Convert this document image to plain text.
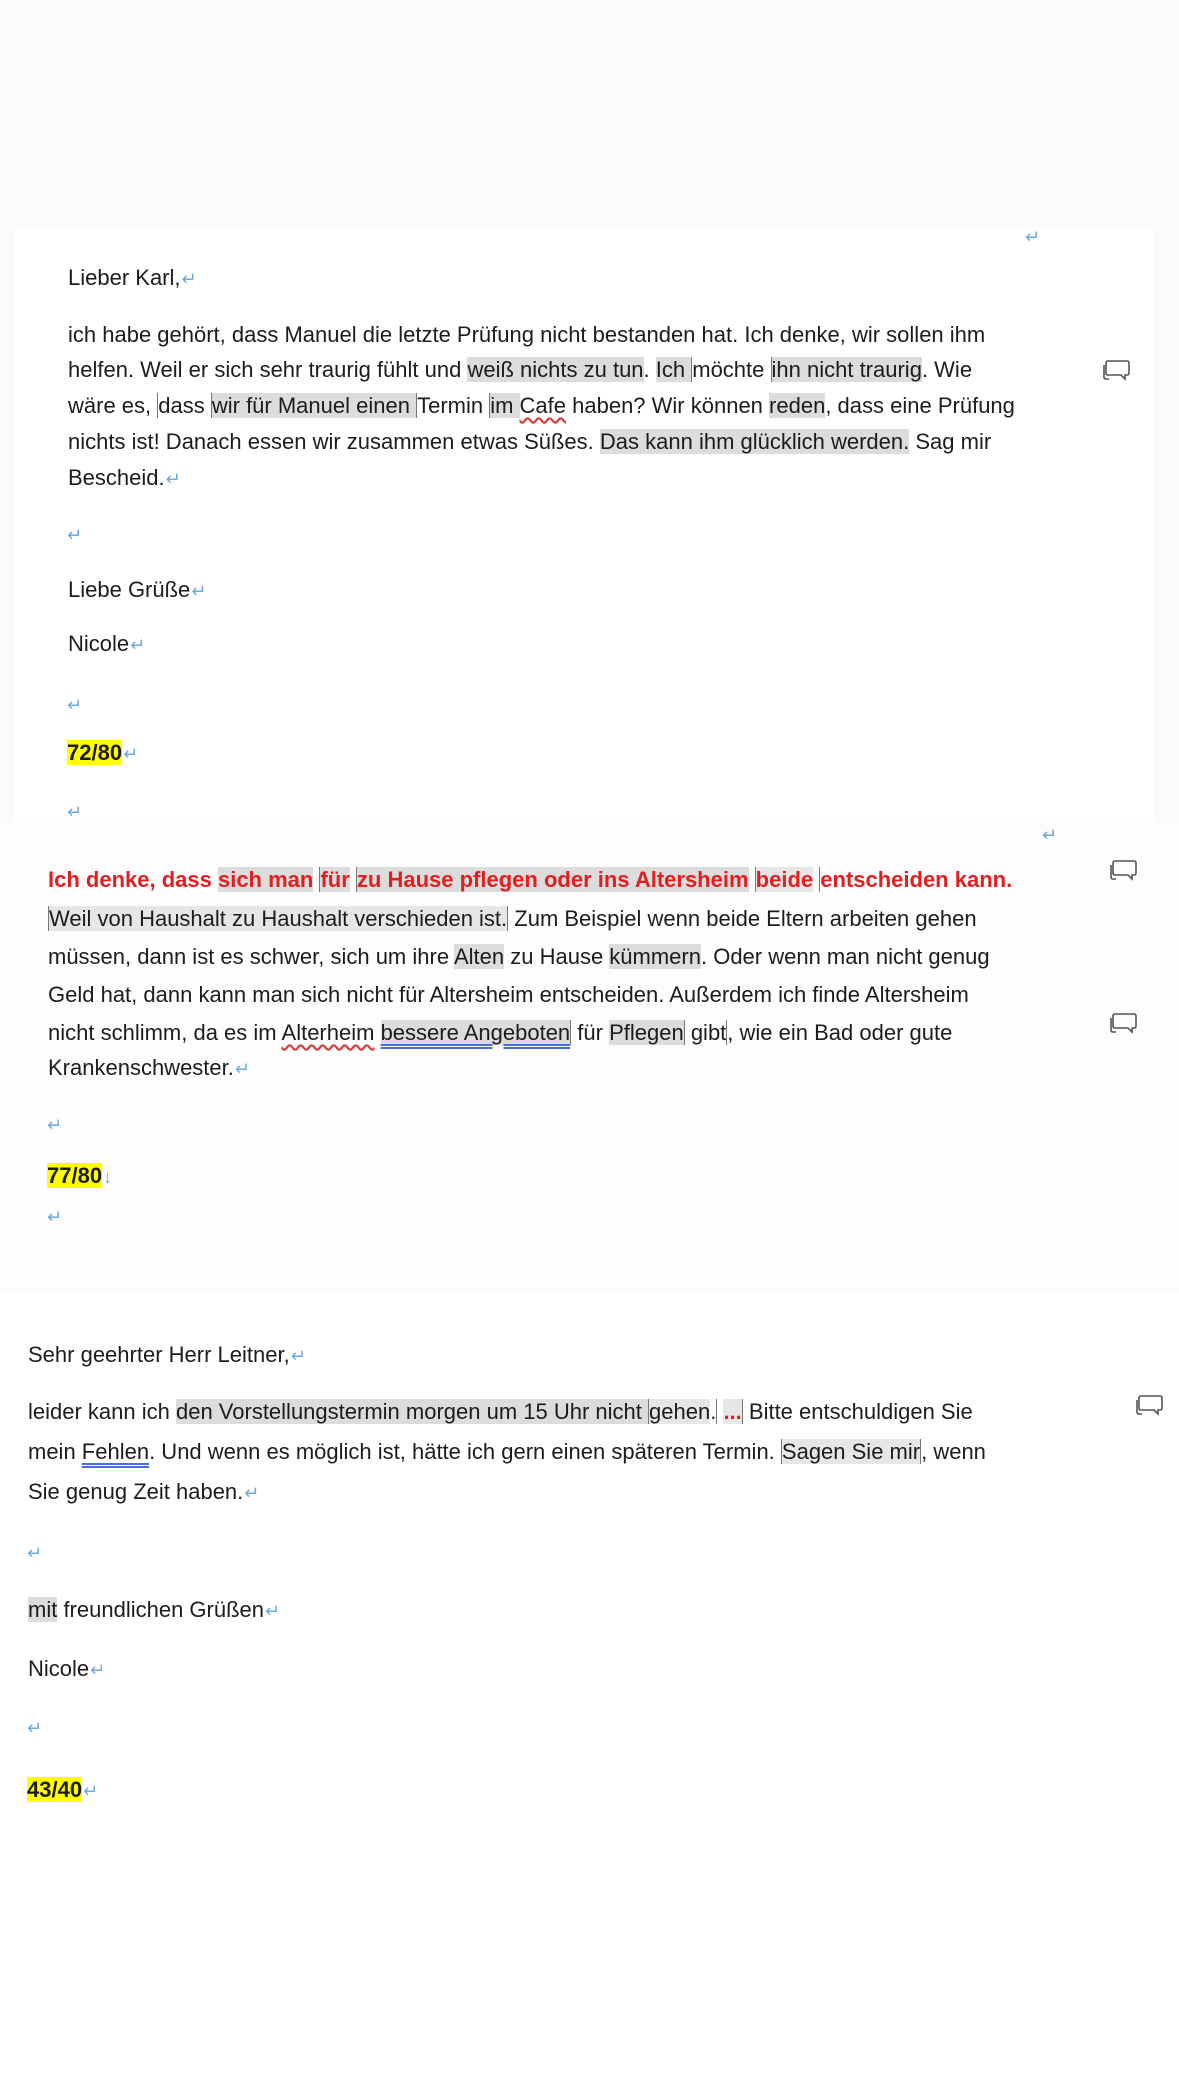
↵
Lieber Karl,↵
ich habe gehört, dass Manuel die letzte Prüfung nicht bestanden hat. Ich denke, wir sollen ihm
helfen. Weil er sich sehr traurig fühlt und weiß nichts zu tun. Ich möchte ihn nicht traurig. Wie
wäre es, dass wir für Manuel einen Termin im Cafe haben? Wir können reden, dass eine Prüfung
nichts ist! Danach essen wir zusammen etwas Süßes. Das kann ihm glücklich werden. Sag mir
Bescheid.↵
↵
Liebe Grüße↵
Nicole↵
↵
72/80↵
↵
↵
Ich denke, dass sich man für zu Hause pflegen oder ins Altersheim beide entscheiden kann.
Weil von Haushalt zu Haushalt verschieden ist. Zum Beispiel wenn beide Eltern arbeiten gehen
müssen, dann ist es schwer, sich um ihre Alten zu Hause kümmern. Oder wenn man nicht genug
Geld hat, dann kann man sich nicht für Altersheim entscheiden. Außerdem ich finde Altersheim
nicht schlimm, da es im Alterheim bessere Angeboten für Pflegen gibt, wie ein Bad oder gute
Krankenschwester.↵
↵
77/80↓
↵
Sehr geehrter Herr Leitner,↵
leider kann ich den Vorstellungstermin morgen um 15 Uhr nicht gehen. ... Bitte entschuldigen Sie
mein Fehlen. Und wenn es möglich ist, hätte ich gern einen späteren Termin. Sagen Sie mir, wenn
Sie genug Zeit haben.↵
↵
mit freundlichen Grüßen↵
Nicole↵
↵
43/40↵
